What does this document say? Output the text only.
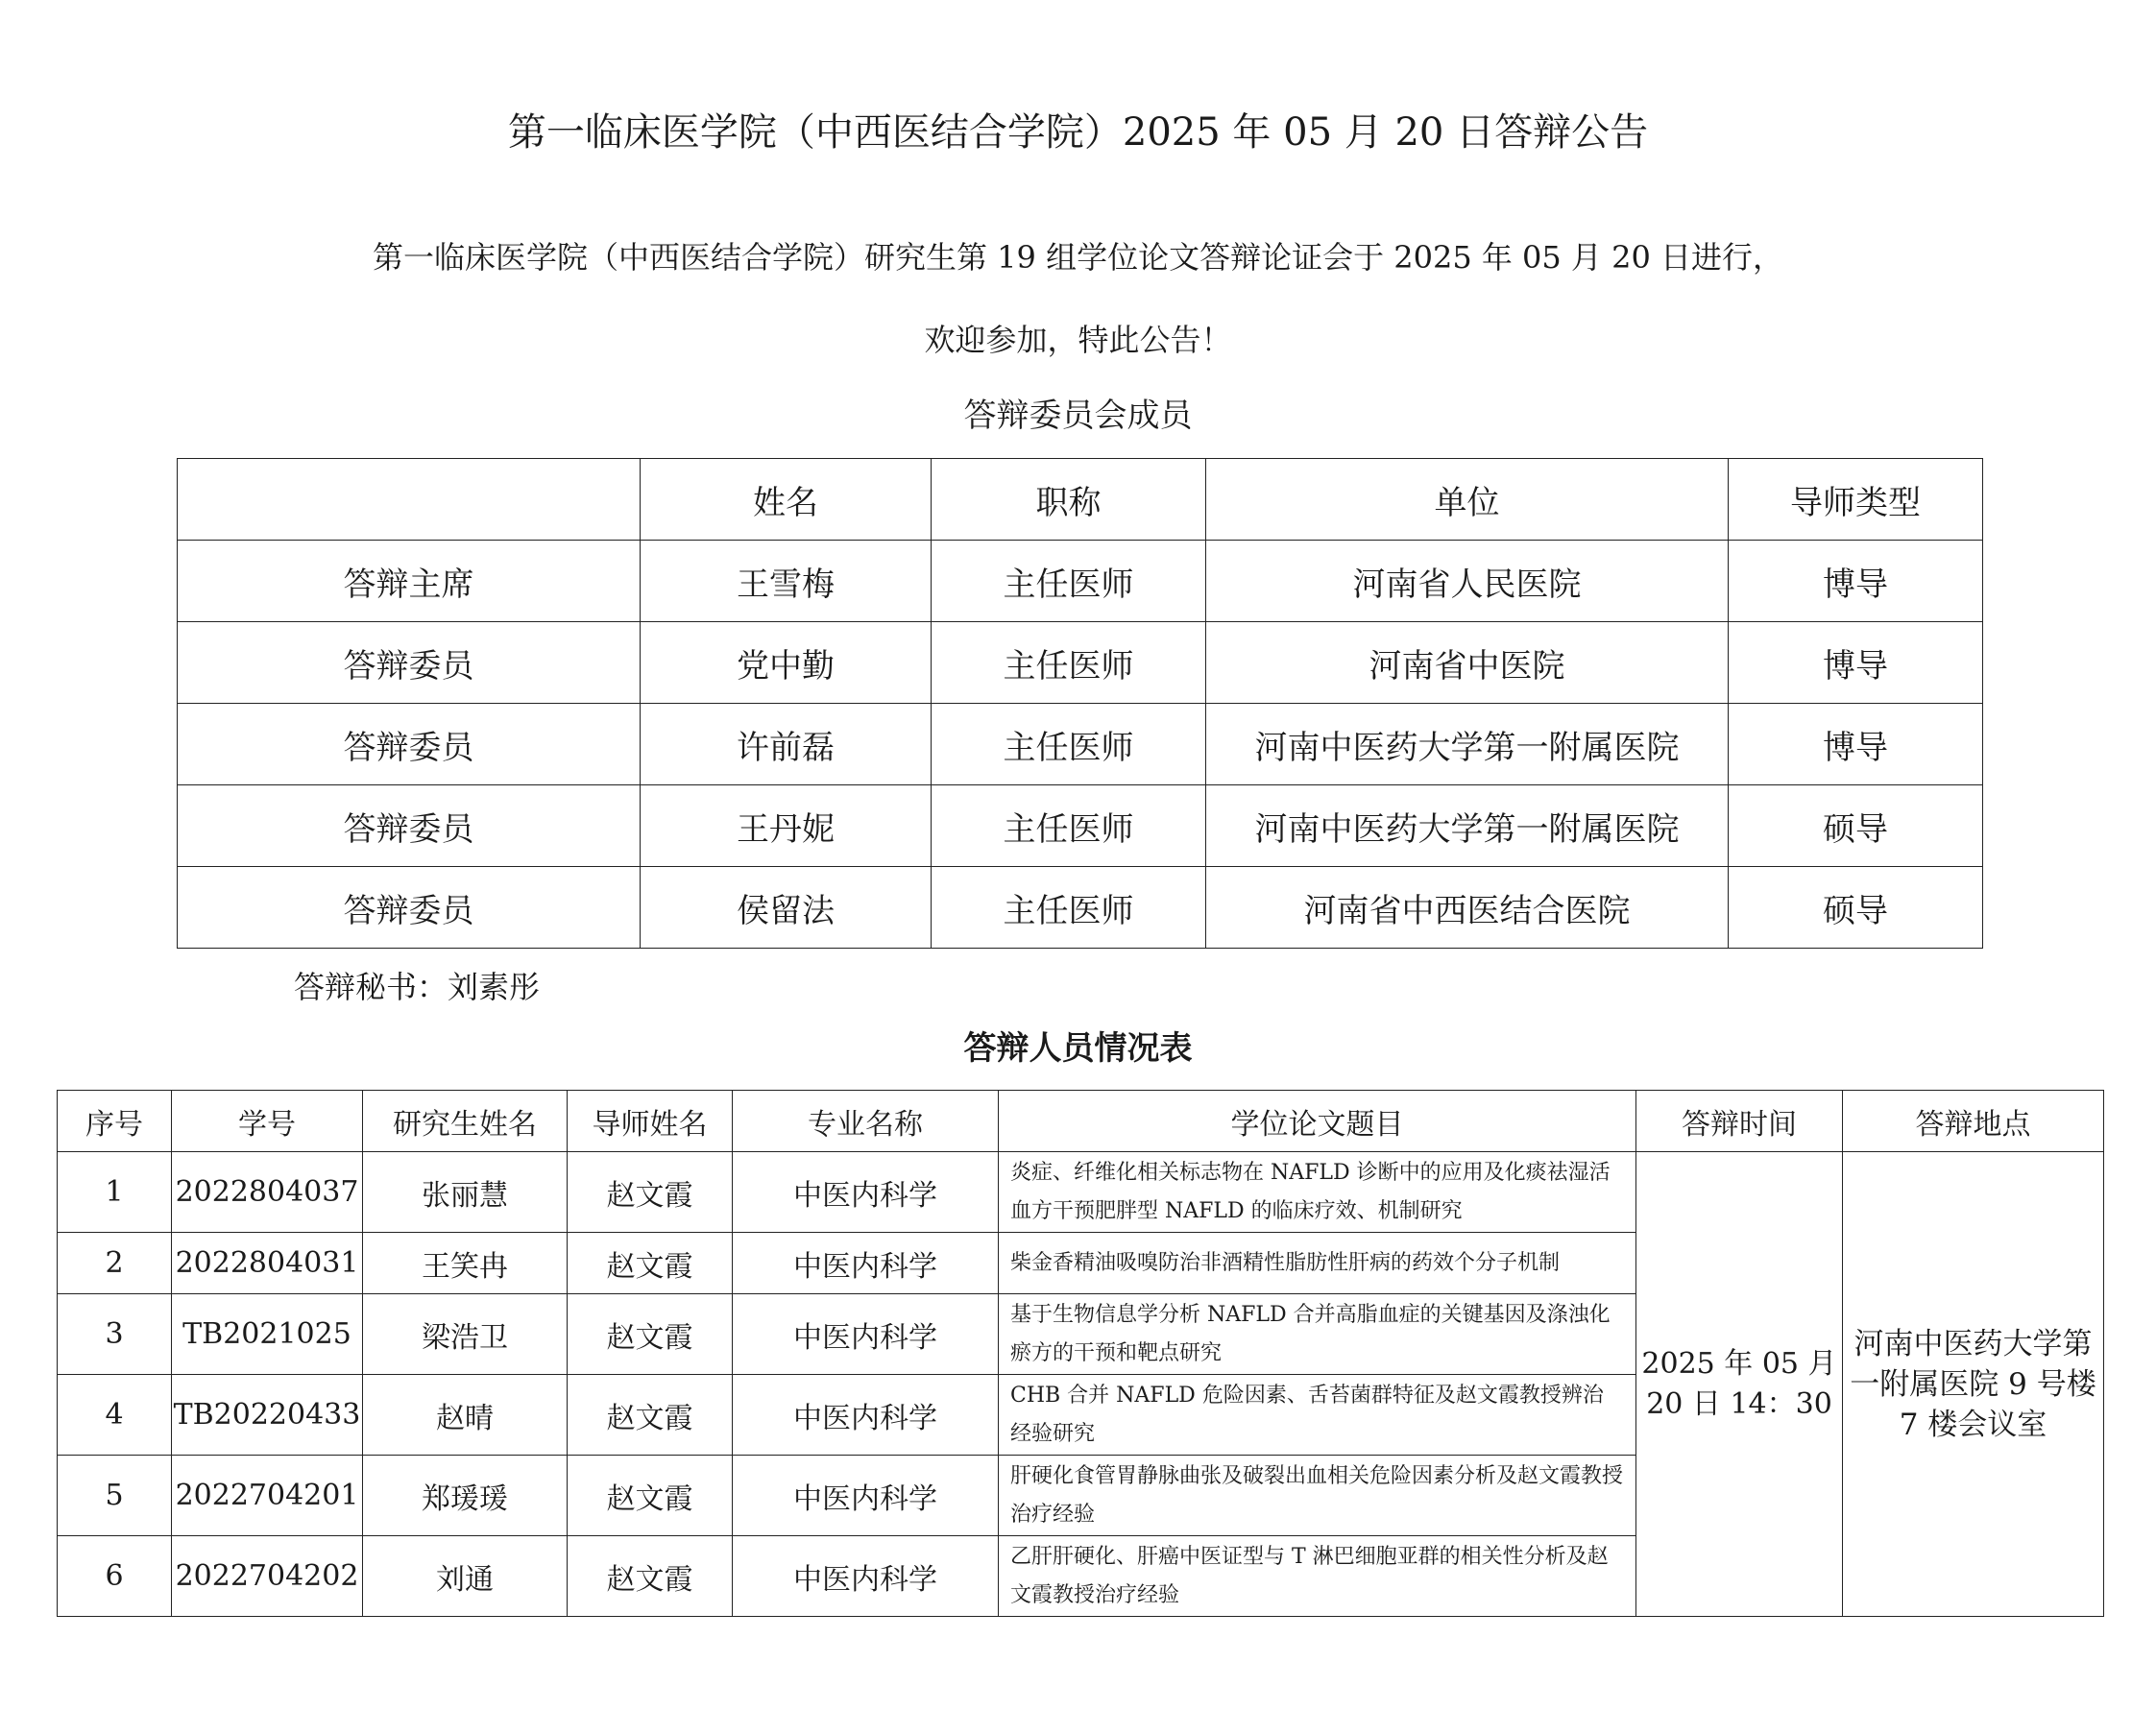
第一临床医学院（中西医结合学院）2025 年 05 月 20 日答辩公告
第一临床医学院（中西医结合学院）研究生第 19 组学位论文答辩论证会于 2025 年 05 月 20 日进行，
欢迎参加，特此公告！
答辩委员会成员
	姓名	职称	单位	导师类型
答辩主席	王雪梅	主任医师	河南省人民医院	博导
答辩委员	党中勤	主任医师	河南省中医院	博导
答辩委员	许前磊	主任医师	河南中医药大学第一附属医院	博导
答辩委员	王丹妮	主任医师	河南中医药大学第一附属医院	硕导
答辩委员	侯留法	主任医师	河南省中西医结合医院	硕导
答辩秘书：刘素彤
答辩人员情况表
序号	学号	研究生姓名	导师姓名	专业名称	学位论文题目	答辩时间	答辩地点
1	2022804037	张丽慧	赵文霞	中医内科学	炎症、纤维化相关标志物在 NAFLD 诊断中的应用及化痰祛湿活血方干预肥胖型 NAFLD 的临床疗效、机制研究	2025 年 05 月 20 日 14：30	河南中医药大学第一附属医院 9 号楼 7 楼会议室
2	2022804031	王笑冉	赵文霞	中医内科学	柴金香精油吸嗅防治非酒精性脂肪性肝病的药效个分子机制		
3	TB2021025	梁浩卫	赵文霞	中医内科学	基于生物信息学分析 NAFLD 合并高脂血症的关键基因及涤浊化瘀方的干预和靶点研究		
4	TB20220433	赵晴	赵文霞	中医内科学	CHB 合并 NAFLD 危险因素、舌苔菌群特征及赵文霞教授辨治经验研究		
5	2022704201	郑瑗瑗	赵文霞	中医内科学	肝硬化食管胃静脉曲张及破裂出血相关危险因素分析及赵文霞教授治疗经验		
6	2022704202	刘通	赵文霞	中医内科学	乙肝肝硬化、肝癌中医证型与 T 淋巴细胞亚群的相关性分析及赵文霞教授治疗经验		
